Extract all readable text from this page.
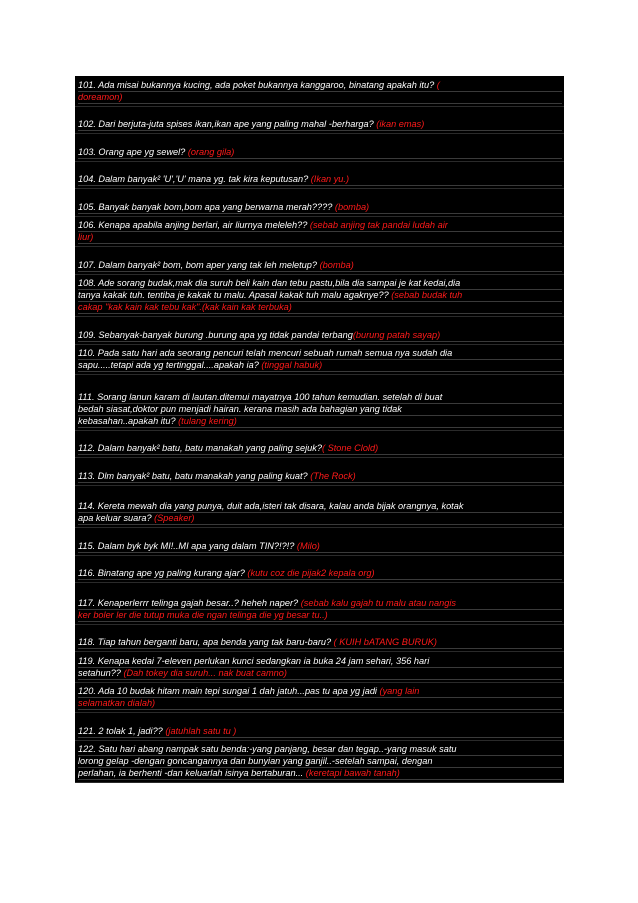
101. Ada misai bukannya kucing, ada poket bukannya kanggaroo, binatang apakah itu? (
doreamon)
102. Dari berjuta-juta spises ikan,ikan ape yang paling mahal -berharga? (ikan emas)
103. Orang ape yg sewel? (orang gila)
104. Dalam banyak² 'U','U' mana yg. tak kira keputusan? (Ikan yu.)
105. Banyak banyak bom,bom apa yang berwarna merah???? (bomba)
106. Kenapa apabila anjing berlari, air liurnya meleleh?? (sebab anjing tak pandai ludah air
liur)
107. Dalam banyak² bom, bom aper yang tak leh meletup? (bomba)
108. Ade sorang budak,mak dia suruh beli kain dan tebu pastu,bila dia sampai je kat kedai,dia
tanya kakak tuh. tentiba je kakak tu malu. Apasal kakak tuh malu agaknye?? (sebab budak tuh
cakap "kak kain kak tebu kak".(kak kain kak terbuka)
109. Sebanyak-banyak burung .burung apa yg tidak pandai terbang(burung patah sayap)
110. Pada satu hari ada seorang pencuri telah mencuri sebuah rumah semua nya sudah dia
sapu.....tetapi ada yg tertinggal....apakah ia? (tinggal habuk)
111. Sorang lanun karam di lautan.ditemui mayatnya 100 tahun kemudian. setelah di buat
bedah siasat,doktor pun menjadi hairan. kerana masih ada bahagian yang tidak
kebasahan..apakah itu? (tulang kering)
112. Dalam banyak² batu, batu manakah yang paling sejuk?( Stone Clold)
113. Dlm banyak² batu, batu manakah yang paling kuat? (The Rock)
114. Kereta mewah dia yang punya, duit ada,isteri tak disara, kalau anda bijak orangnya, kotak
apa keluar suara? (Speaker)
115. Dalam byk byk MI!..MI apa yang dalam TIN?!?!? (Milo)
116. Binatang ape yg paling kurang ajar? (kutu coz die pijak2 kepala org)
117. Kenaperlerrr telinga gajah besar..? heheh naper? (sebab kalu gajah tu malu atau nangis
ker boler ler die tutup muka die ngan telinga die yg besar tu..)
118. Tiap tahun berganti baru, apa benda yang tak baru-baru? ( KUIH bATANG BURUK)
119. Kenapa kedai 7-eleven perlukan kunci sedangkan ia buka 24 jam sehari, 356 hari
setahun?? (Dah tokey dia suruh... nak buat camno)
120. Ada 10 budak hitam main tepi sungai 1 dah jatuh...pas tu apa yg jadi (yang lain
selamatkan dialah)
121. 2 tolak 1, jadi?? (jatuhlah satu tu )
122. Satu hari abang nampak satu benda:-yang panjang, besar dan tegap..-yang masuk satu
lorong gelap -dengan goncangannya dan bunyian yang ganjil..-setelah sampai, dengan
perlahan, ia berhenti -dan keluarlah isinya bertaburan... (keretapi bawah tanah)
